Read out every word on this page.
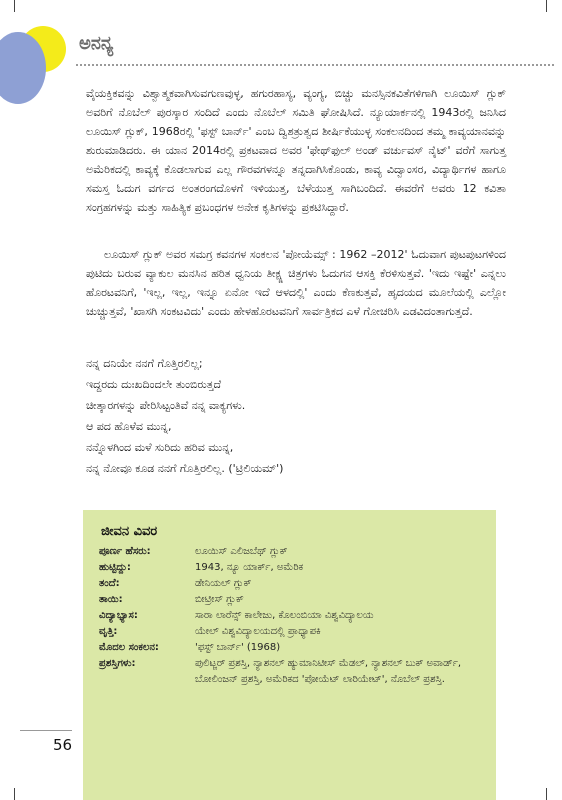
ಅನನ್ಯ

ವೈಯಕ್ತಿಕವನ್ನು ವಿಶ್ವಾತ್ಮಕವಾಗಿಸುವಗುಣವುಳ್ಳ, ಹಗುರಹಾಸ್ಯ, ವ್ಯಂಗ್ಯ, ಬಿಚ್ಚು ಮನಸ್ಸಿನಕವಿತೆಗಳಿಗಾಗಿ ಲೂಯಿಸ್ ಗ್ಲುಕ್ ಅವರಿಗೆ ನೊಬೆಲ್ ಪುರಸ್ಕಾರ ಸಂದಿದೆ ಎಂದು ನೊಬೆಲ್ ಸಮಿತಿ ಘೋಷಿಸಿದೆ. ನ್ಯೂಯಾರ್ಕನಲ್ಲಿ 1943ರಲ್ಲಿ ಜನಿಸಿದ ಲೂಯಿಸ್ ಗ್ಲುಕ್, 1968ರಲ್ಲಿ 'ಫಸ್ಟ್ ಬಾರ್ನ್' ಎಂಬ ದ್ವಿಶತ್ರುತ್ವದ ಶೀರ್ಷಿಕೆಯುಳ್ಳ ಸಂಕಲನದಿಂದ ತಮ್ಮ ಕಾವ್ಯಯಾನವನ್ನು ಶುರುಮಾಡಿದರು. ಈ ಯಾನ 2014ರಲ್ಲಿ ಪ್ರಕಟವಾದ ಅವರ 'ಫೇಥ್‌ಫುಲ್ ಅಂಡ್ ವರ್ಚುವಸ್ ನೈಟ್' ವರೆಗೆ ಸಾಗುತ್ತ ಅಮೆರಿಕದಲ್ಲಿ ಕಾವ್ಯಕ್ಕೆ ಕೊಡಲಾಗುವ ಎಲ್ಲ ಗೌರವಗಳನ್ನೂ ತನ್ನದಾಗಿಸಿಕೊಂಡು, ಕಾವ್ಯ ವಿದ್ವಾಂಸರ, ವಿದ್ಯಾರ್ಥಿಗಳ ಹಾಗೂ ಸಮಸ್ತ ಓದುಗ ವರ್ಗದ ಅಂತರಂಗದೊಳಗೆ ಇಳಿಯುತ್ತ, ಬೆಳೆಯುತ್ತ ಸಾಗಿಬಂದಿದೆ. ಈವರೆಗೆ ಅವರು 12 ಕವಿತಾ ಸಂಗ್ರಹಗಳನ್ನು ಮತ್ತು ಸಾಹಿತ್ಯಿಕ ಪ್ರಬಂಧಗಳ ಅನೇಕ ಕೃತಿಗಳನ್ನು ಪ್ರಕಟಿಸಿದ್ದಾರೆ.

ಲೂಯಿಸ್ ಗ್ಲುಕ್ ಅವರ ಸಮಗ್ರ ಕವನಗಳ ಸಂಕಲನ 'ಪೋಯೆಮ್ಸ್ : 1962 –2012' ಓದುವಾಗ ಪುಟಪುಟಗಳಿಂದ ಪುಟಿದು ಬರುವ ವ್ಯಾಕುಲ ಮನಸಿನ ಹರಿತ ಧ್ವನಿಯ ತೀಕ್ಷ್ಣ ಚಿತ್ರಗಳು ಓದುಗನ ಆಸಕ್ತಿ ಕೆರಳಿಸುತ್ತವೆ. 'ಇದು ಇಷ್ಟೇ' ಎನ್ನಲು ಹೊರಟವನಿಗೆ, 'ಇಲ್ಲ, ಇಲ್ಲ, ಇನ್ನೂ ಏನೋ ಇದೆ ಆಳದಲ್ಲಿ' ಎಂದು ಕೆಣಕುತ್ತವೆ, ಹೃದಯದ ಮೂಲೆಯಲ್ಲಿ ಎಲ್ಲೋ ಚುಚ್ಚುತ್ತವೆ, 'ಖಾಸಗಿ ಸಂಕಟವಿದು' ಎಂದು ಹೇಳಹೊರಟವನಿಗೆ ಸಾರ್ವತ್ರಿಕದ ಎಳೆ ಗೋಚರಿಸಿ ಎಡವಿದಂತಾಗುತ್ತದೆ.

ನನ್ನ ದನಿಯೇ ನನಗೆ ಗೊತ್ತಿರಲಿಲ್ಲ;
ಇದ್ದರದು ದುಃಖದಿಂದಲೇ ತುಂಬಿರುತ್ತದೆ
ಚೀತ್ಕಾರಗಳನ್ನು ಪೇರಿಸಿಟ್ಟಂತಿವೆ ನನ್ನ ವಾಕ್ಯಗಳು.
ಆ ಪದ ಹೊಳೆವ ಮುನ್ನ,
ನನ್ನೊಳಗಿಂದ ಮಳೆ ಸುರಿದು ಹರಿವ ಮುನ್ನ,
ನನ್ನ ನೋವೂ ಕೂಡ ನನಗೆ ಗೊತ್ತಿರಲಿಲ್ಲ. ('ಟ್ರಿಲಿಯಮ್')
ಜೀವನ ವಿವರ
ಪೂರ್ಣ ಹೆಸರು:	ಲೂಯಿಸ್ ಎಲಿಜಬೆಥ್ ಗ್ಲುಕ್
ಹುಟ್ಟಿದ್ದು:	1943, ನ್ಯೂ ಯಾರ್ಕ್, ಅಮೆರಿಕ
ತಂದೆ:	ಡೇನಿಯಲ್ ಗ್ಲುಕ್
ತಾಯಿ:	ಬೀಟ್ರೀಸ್ ಗ್ಲುಕ್
ವಿದ್ಯಾಭ್ಯಾಸ:	ಸಾರಾ ಲಾರೆನ್ಸ್ ಕಾಲೇಜು, ಕೊಲಂಬಿಯಾ ವಿಶ್ವವಿದ್ಯಾಲಯ
ವೃತ್ತಿ:	ಯೇಲ್ ವಿಶ್ವವಿದ್ಯಾಲಯದಲ್ಲಿ ಪ್ರಾಧ್ಯಾಪಕಿ
ಮೊದಲ ಸಂಕಲನ:	'ಫಸ್ಟ್ ಬಾರ್ನ್' (1968)
ಪ್ರಶಸ್ತಿಗಳು:	ಪುಲಿಟ್ಜರ್ ಪ್ರಶಸ್ತಿ, ನ್ಯಾಶನಲ್ ಹ್ಯುಮಾನಿಟೀಸ್ ಮೆಡಲ್, ನ್ಯಾಶನಲ್ ಬುಕ್ ಅವಾರ್ಡ್, ಬೋಲಿಂಜನ್ ಪ್ರಶಸ್ತಿ, ಅಮೆರಿಕದ 'ಪೋಯೆಟ್ ಲಾರಿಯೇಟ್', ನೊಬೆಲ್ ಪ್ರಶಸ್ತಿ.
56
